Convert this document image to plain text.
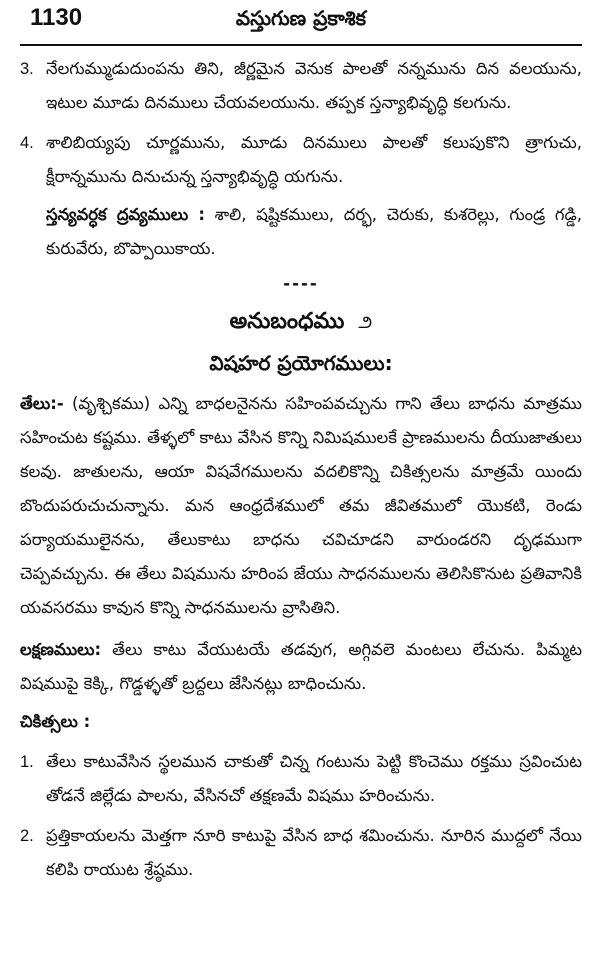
1130	వస్తుగుణ ప్రకాశిక
3. నేలగుమ్ముడుదుంపను తిని, జీర్ణమైన వెనుక పాలతో నన్నమును దిన వలయును, ఇటుల మూడు దినములు చేయవలయును. తప్పక స్తన్యాభివృద్ధి కలగును.
4. శాలిబియ్యపు చూర్ణమును, మూడు దినములు పాలతో కలుపుకొని త్రాగుచు, క్షీరాన్నమును దినుచున్న స్తన్యాభివృద్ధి యగును.
స్తన్యవర్ధక ద్రవ్యములు : శాలి, షష్టికములు, దర్భ, చెరుకు, కుశరెల్లు, గుండ్ర గడ్డి, కురువేరు, బొప్పాయికాయ.
----
అనుబంధము ౨
విషహర ప్రయోగములు:
తేలు:- (వృశ్చికము) ఎన్ని బాధలనైనను సహింపవచ్చును గాని తేలు బాధను మాత్రము సహించుట కష్టము. తేళ్ళలో కాటు వేసిన కొన్ని నిమిషములకే ప్రాణములను దీయుజాతులు కలవు. జాతులను, ఆయా విషవేగములను వదలికొన్ని చికిత్సలను మాత్రమే యిందు బొందుపరుచుచున్నాను. మన ఆంధ్రదేశములో తమ జీవితములో యొకటి, రెండు పర్యాయములైనను, తేలుకాటు బాధను చవిచూడని వారుండరని దృఢముగా చెప్పవచ్చును. ఈ తేలు విషమును హరింప జేయు సాధనములను తెలిసికొనుట ప్రతివానికి యవసరము కావున కొన్ని సాధనములను వ్రాసితిని.
లక్షణములు: తేలు కాటు వేయుటయే తడవుగ, అగ్గివలె మంటలు లేచును. పిమ్మట విషముపై కెక్కి, గొడ్డళ్ళతో బ్రద్దలు జేసినట్లు బాధించును.
చికిత్సలు :
1. తేలు కాటువేసిన స్థలమున చాకుతో చిన్న గంటును పెట్టి కొంచెము రక్తము స్రవించుట తోడనే జిల్లేడు పాలను, వేసినచో తక్షణమే విషము హరించును.
2. ప్రత్తికాయలను మెత్తగా నూరి కాటుపై వేసిన బాధ శమించును. నూరిన ముద్దలో నేయి కలిపి రాయుట శ్రేష్ఠము.
